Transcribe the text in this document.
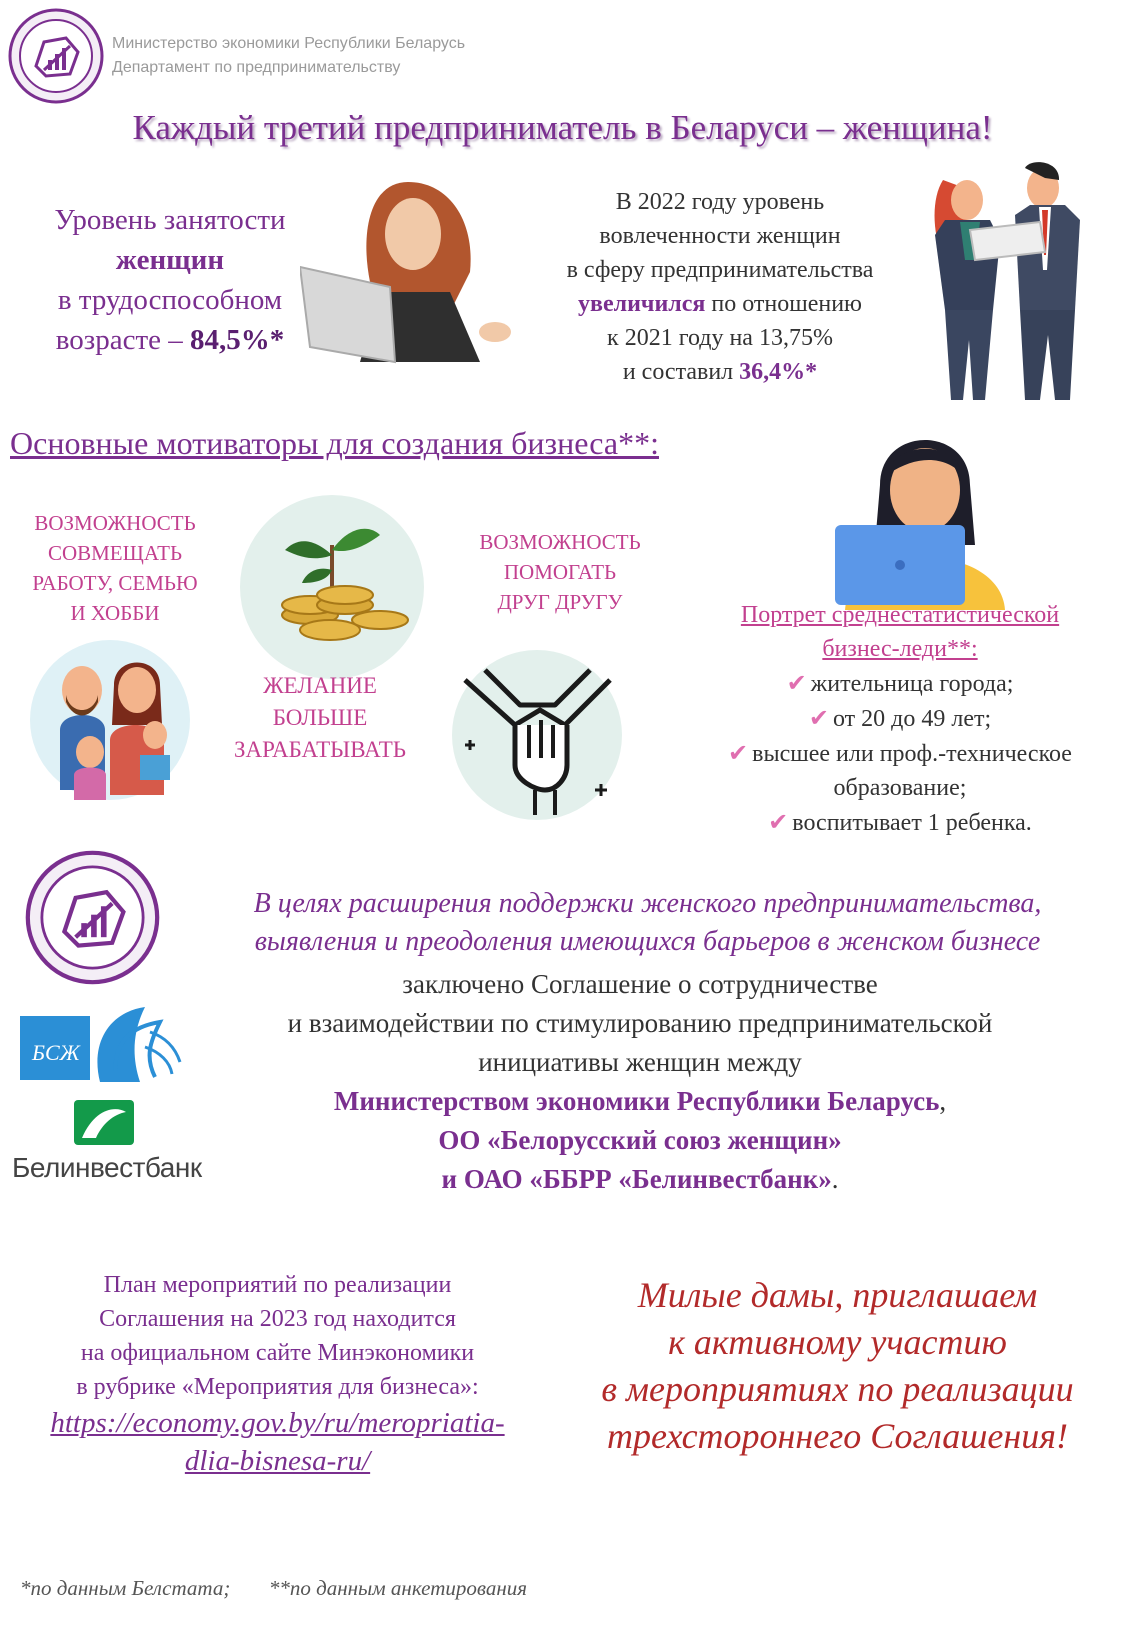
Министерство экономики Республики Беларусь
Департамент по предпринимательству
Каждый третий предприниматель в Беларуси – женщина!
Уровень занятости
женщин
в трудоспособном
возрасте – 84,5%*
В 2022 году уровень
вовлеченности женщин
в сферу предпринимательства
увеличился по отношению
к 2021 году на 13,75%
и составил 36,4%*
Основные мотиваторы для создания бизнеса**:
ВОЗМОЖНОСТЬ
СОВМЕЩАТЬ
РАБОТУ, СЕМЬЮ
И ХОББИ
ВОЗМОЖНОСТЬ
ПОМОГАТЬ
ДРУГ ДРУГУ
ЖЕЛАНИЕ
БОЛЬШЕ
ЗАРАБАТЫВАТЬ
Портрет среднестатистической
бизнес-леди**:
✔ жительница города;
✔ от 20 до 49 лет;
✔ высшее или проф.-техническое
образование;
✔ воспитывает 1 ребенка.
БСЖ
Белинвестбанк
В целях расширения поддержки женского предпринимательства,
выявления и преодоления имеющихся барьеров в женском бизнесе
заключено Соглашение о сотрудничестве
и взаимодействии по стимулированию предпринимательской
инициативы женщин между
Министерством экономики Республики Беларусь,
ОО «Белорусский союз женщин»
и ОАО «ББРР «Белинвестбанк».
План мероприятий по реализации
Соглашения на 2023 год находится
на официальном сайте Минэкономики
в рубрике «Мероприятия для бизнеса»:
https://economy.gov.by/ru/meropriatia-
dlia-bisnesa-ru/
Милые дамы, приглашаем
к активному участию
в мероприятиях по реализации
трехстороннего Соглашения!
*по данным Белстата; **по данным анкетирования
